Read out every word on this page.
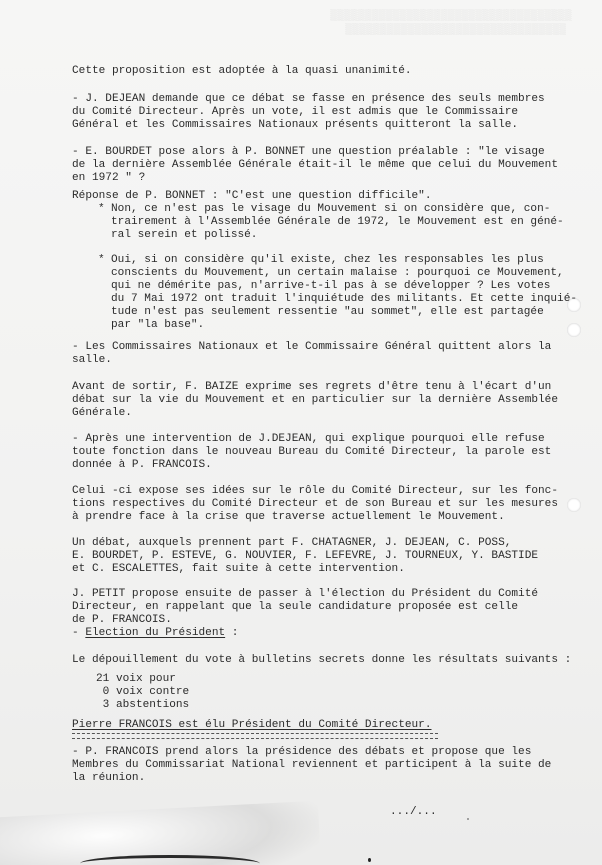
▒▒▒▒▒▒▒▒▒▒▒▒▒▒▒▒▒▒▒▒▒▒▒▒▒▒▒▒▒▒▒▒▒▒▒
▒▒▒▒▒▒▒▒▒▒▒▒▒▒▒▒▒▒▒▒▒▒▒▒▒▒▒▒▒▒▒▒

Cette proposition est adoptée à la quasi unanimité.

- J. DEJEAN demande que ce débat se fasse en présence des seuls membres

du Comité Directeur. Après un vote, il est admis que le Commissaire

Général et les Commissaires Nationaux présents quitteront la salle.

- E. BOURDET pose alors à P. BONNET une question préalable : "le visage

de la dernière Assemblée Générale était-il le même que celui du Mouvement

en 1972 " ?

Réponse de P. BONNET : "C'est une question difficile".

*

Non, ce n'est pas le visage du Mouvement si on considère que, con-

trairement à l'Assemblée Générale de 1972, le Mouvement est en géné-

ral serein et polissé.

*

Oui, si on considère qu'il existe, chez les responsables les plus

conscients du Mouvement, un certain malaise : pourquoi ce Mouvement,

qui ne démérite pas, n'arrive-t-il pas à se développer ? Les votes

du 7 Mai 1972 ont traduit l'inquiétude des militants. Et cette inquié-

tude n'est pas seulement ressentie "au sommet", elle est partagée

par "la base".

- Les Commissaires Nationaux et le Commissaire Général quittent alors la

salle.

Avant de sortir, F. BAIZE exprime ses regrets d'être tenu à l'écart d'un

débat sur la vie du Mouvement et en particulier sur la dernière Assemblée

Générale.

- Après une intervention de J.DEJEAN, qui explique pourquoi elle refuse

toute fonction dans le nouveau Bureau du Comité Directeur, la parole est

donnée à P. FRANCOIS.

Celui -ci expose ses idées sur le rôle du Comité Directeur, sur les fonc-

tions respectives du Comité Directeur et de son Bureau et sur les mesures

à prendre face à la crise que traverse actuellement le Mouvement.

Un débat, auxquels prennent part F. CHATAGNER, J. DEJEAN, C. POSS,

E. BOURDET, P. ESTEVE, G. NOUVIER, F. LEFEVRE, J. TOURNEUX, Y. BASTIDE

et C. ESCALETTES, fait suite à cette intervention.

J. PETIT propose ensuite de passer à l'élection du Président du Comité

Directeur, en rappelant que la seule candidature proposée est celle

de P. FRANCOIS.

- Election du Président :

Le dépouillement du vote à bulletins secrets donne les résultats suivants :

21 voix pour

0 voix contre

3 abstentions

Pierre FRANCOIS est élu Président du Comité Directeur.

- P. FRANCOIS prend alors la présidence des débats et propose que les

Membres du Commissariat National reviennent et participent à la suite de

la réunion.

.../...
